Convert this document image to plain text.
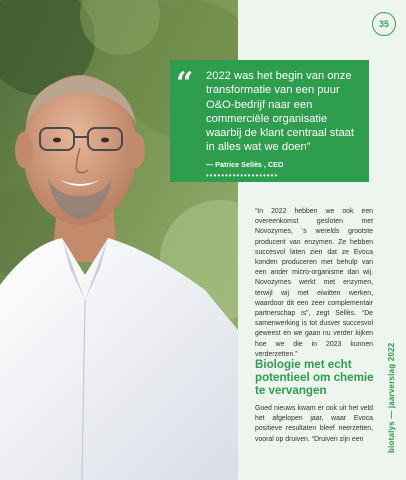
35
“ 2022 was het begin van onze transformatie van een puur O&O-bedrijf naar een commerciële organisatie waarbij de klant centraal staat in alles wat we doen”
— Patrice Sellès , CEO
•••••••••••••••••••
“In 2022 hebben we ook een overeenkomst gesloten met Novozymes, ‘s werelds grootste producent van enzymen. Ze hebben succesvol laten zien dat ze Evoca konden produceren met behulp van een ander micro-organisme dan wij. Novozymes werkt met enzymen, terwijl wij met eiwitten werken, waardoor dit een zeer complementair partnerschap is”, zegt Sellès. “De samenwerking is tot dusver succesvol geweest en we gaan nu verder kijken hoe we die in 2023 kunnen verderzetten.”
Biologie met echt potentieel om chemie te vervangen
Goed nieuws kwam er ook uit het veld het afgelopen jaar, waar Evoca positieve resultaten bleef neerzetten, vooral op druiven. “Druiven zijn een	biotalys — jaarverslag 2022
